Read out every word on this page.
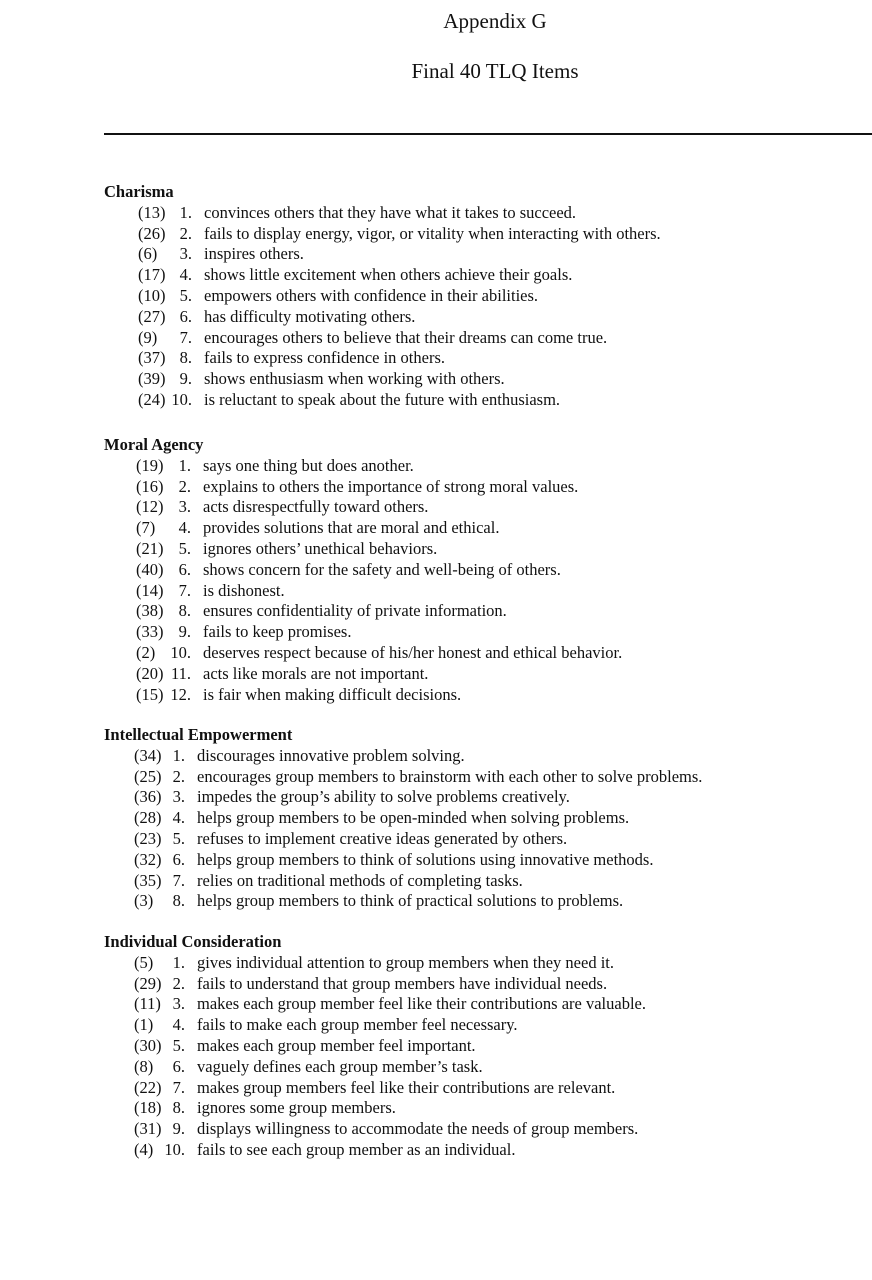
Appendix G
Final 40 TLQ Items
Charisma
(13) 1. convinces others that they have what it takes to succeed.
(26) 2. fails to display energy, vigor, or vitality when interacting with others.
(6)	3. inspires others.
(17) 4. shows little excitement when others achieve their goals.
(10) 5. empowers others with confidence in their abilities.
(27) 6. has difficulty motivating others.
(9)	7. encourages others to believe that their dreams can come true.
(37) 8. fails to express confidence in others.
(39) 9. shows enthusiasm when working with others.
(24) 10. is reluctant to speak about the future with enthusiasm.
Moral Agency
(19) 1. says one thing but does another.
(16) 2. explains to others the importance of strong moral values.
(12) 3. acts disrespectfully toward others.
(7)	4. provides solutions that are moral and ethical.
(21) 5. ignores others’ unethical behaviors.
(40) 6. shows concern for the safety and well-being of others.
(14) 7. is dishonest.
(38) 8. ensures confidentiality of private information.
(33) 9. fails to keep promises.
(2) 10. deserves respect because of his/her honest and ethical behavior.
(20) 11. acts like morals are not important.
(15) 12. is fair when making difficult decisions.
Intellectual Empowerment
(34) 1. discourages innovative problem solving.
(25) 2. encourages group members to brainstorm with each other to solve problems.
(36) 3. impedes the group’s ability to solve problems creatively.
(28) 4. helps group members to be open-minded when solving problems.
(23) 5. refuses to implement creative ideas generated by others.
(32) 6. helps group members to think of solutions using innovative methods.
(35) 7. relies on traditional methods of completing tasks.
(3)	8. helps group members to think of practical solutions to problems.
Individual Consideration
(5)	1. gives individual attention to group members when they need it.
(29) 2. fails to understand that group members have individual needs.
(11) 3. makes each group member feel like their contributions are valuable.
(1)	4. fails to make each group member feel necessary.
(30) 5. makes each group member feel important.
(8)	6. vaguely defines each group member’s task.
(22) 7. makes group members feel like their contributions are relevant.
(18) 8. ignores some group members.
(31) 9. displays willingness to accommodate the needs of group members.
(4) 10. fails to see each group member as an individual.
